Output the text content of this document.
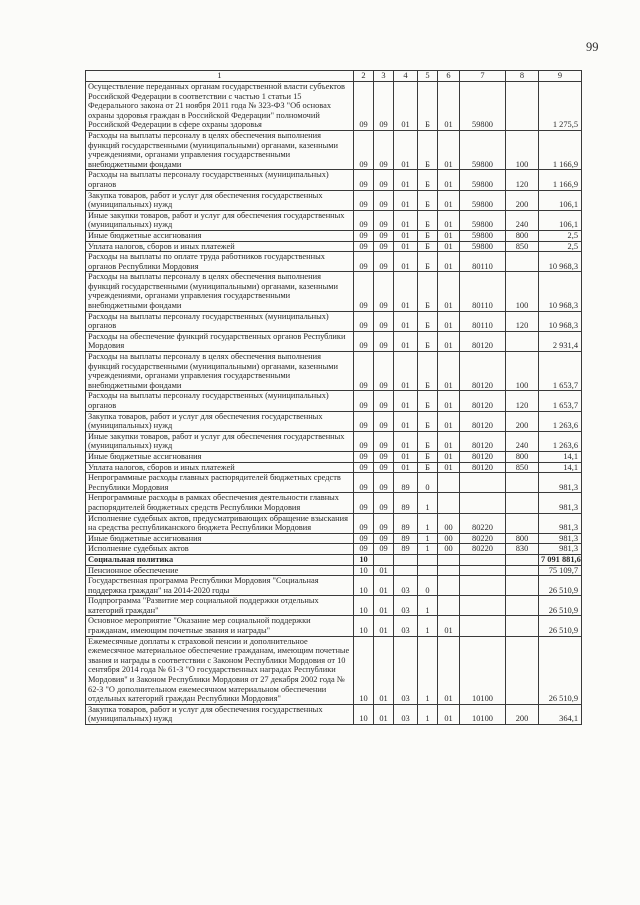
99
1	2	3	4	5	6	7	8	9
Осуществление переданных органам государственной власти субъектов Российской Федерации в соответствии с частью 1 статьи 15 Федерального закона от 21 ноября 2011 года № 323-ФЗ "Об основах охраны здоровья граждан в Российской Федерации" полномочий Российской Федерации в сфере охраны здоровья	09	09	01	Б	01	59800		1 275,5
Расходы на выплаты персоналу в целях обеспечения выполнения функций государственными (муниципальными) органами, казенными учреждениями, органами управления государственными внебюджетными фондами	09	09	01	Б	01	59800	100	1 166,9
Расходы на выплаты персоналу государственных (муниципальных) органов	09	09	01	Б	01	59800	120	1 166,9
Закупка товаров, работ и услуг для обеспечения государственных (муниципальных) нужд	09	09	01	Б	01	59800	200	106,1
Иные закупки товаров, работ и услуг для обеспечения государственных (муниципальных) нужд	09	09	01	Б	01	59800	240	106,1
Иные бюджетные ассигнования	09	09	01	Б	01	59800	800	2,5
Уплата налогов, сборов и иных платежей	09	09	01	Б	01	59800	850	2,5
Расходы на выплаты по оплате труда работников государственных органов Республики Мордовия	09	09	01	Б	01	80110		10 968,3
Расходы на выплаты персоналу в целях обеспечения выполнения функций государственными (муниципальными) органами, казенными учреждениями, органами управления государственными внебюджетными фондами	09	09	01	Б	01	80110	100	10 968,3
Расходы на выплаты персоналу государственных (муниципальных) органов	09	09	01	Б	01	80110	120	10 968,3
Расходы на обеспечение функций государственных органов Республики Мордовия	09	09	01	Б	01	80120		2 931,4
Расходы на выплаты персоналу в целях обеспечения выполнения функций государственными (муниципальными) органами, казенными учреждениями, органами управления государственными внебюджетными фондами	09	09	01	Б	01	80120	100	1 653,7
Расходы на выплаты персоналу государственных (муниципальных) органов	09	09	01	Б	01	80120	120	1 653,7
Закупка товаров, работ и услуг для обеспечения государственных (муниципальных) нужд	09	09	01	Б	01	80120	200	1 263,6
Иные закупки товаров, работ и услуг для обеспечения государственных (муниципальных) нужд	09	09	01	Б	01	80120	240	1 263,6
Иные бюджетные ассигнования	09	09	01	Б	01	80120	800	14,1
Уплата налогов, сборов и иных платежей	09	09	01	Б	01	80120	850	14,1
Непрограммные расходы главных распорядителей бюджетных средств Республики Мордовия	09	09	89	0				981,3
Непрограммные расходы в рамках обеспечения деятельности главных распорядителей бюджетных средств Республики Мордовия	09	09	89	1				981,3
Исполнение судебных актов, предусматривающих обращение взыскания на средства республиканского бюджета Республики Мордовия	09	09	89	1	00	80220		981,3
Иные бюджетные ассигнования	09	09	89	1	00	80220	800	981,3
Исполнение судебных актов	09	09	89	1	00	80220	830	981,3
Социальная политика	10							7 091 881,6
Пенсионное обеспечение	10	01						75 109,7
Государственная программа Республики Мордовия "Социальная поддержка граждан" на 2014-2020 годы	10	01	03	0				26 510,9
Подпрограмма "Развитие мер социальной поддержки отдельных категорий граждан"	10	01	03	1				26 510,9
Основное мероприятие "Оказание мер социальной поддержки гражданам, имеющим почетные звания и награды"	10	01	03	1	01			26 510,9
Ежемесячные доплаты к страховой пенсии и дополнительное ежемесячное материальное обеспечение гражданам, имеющим почетные звания и награды в соответствии с Законом Республики Мордовия от 10 сентября 2014 года № 61-З "О государственных наградах Республики Мордовия" и Законом Республики Мордовия от 27 декабря 2002 года № 62-З "О дополнительном ежемесячном материальном обеспечении отдельных категорий граждан Республики Мордовия"	10	01	03	1	01	10100		26 510,9
Закупка товаров, работ и услуг для обеспечения государственных (муниципальных) нужд	10	01	03	1	01	10100	200	364,1
